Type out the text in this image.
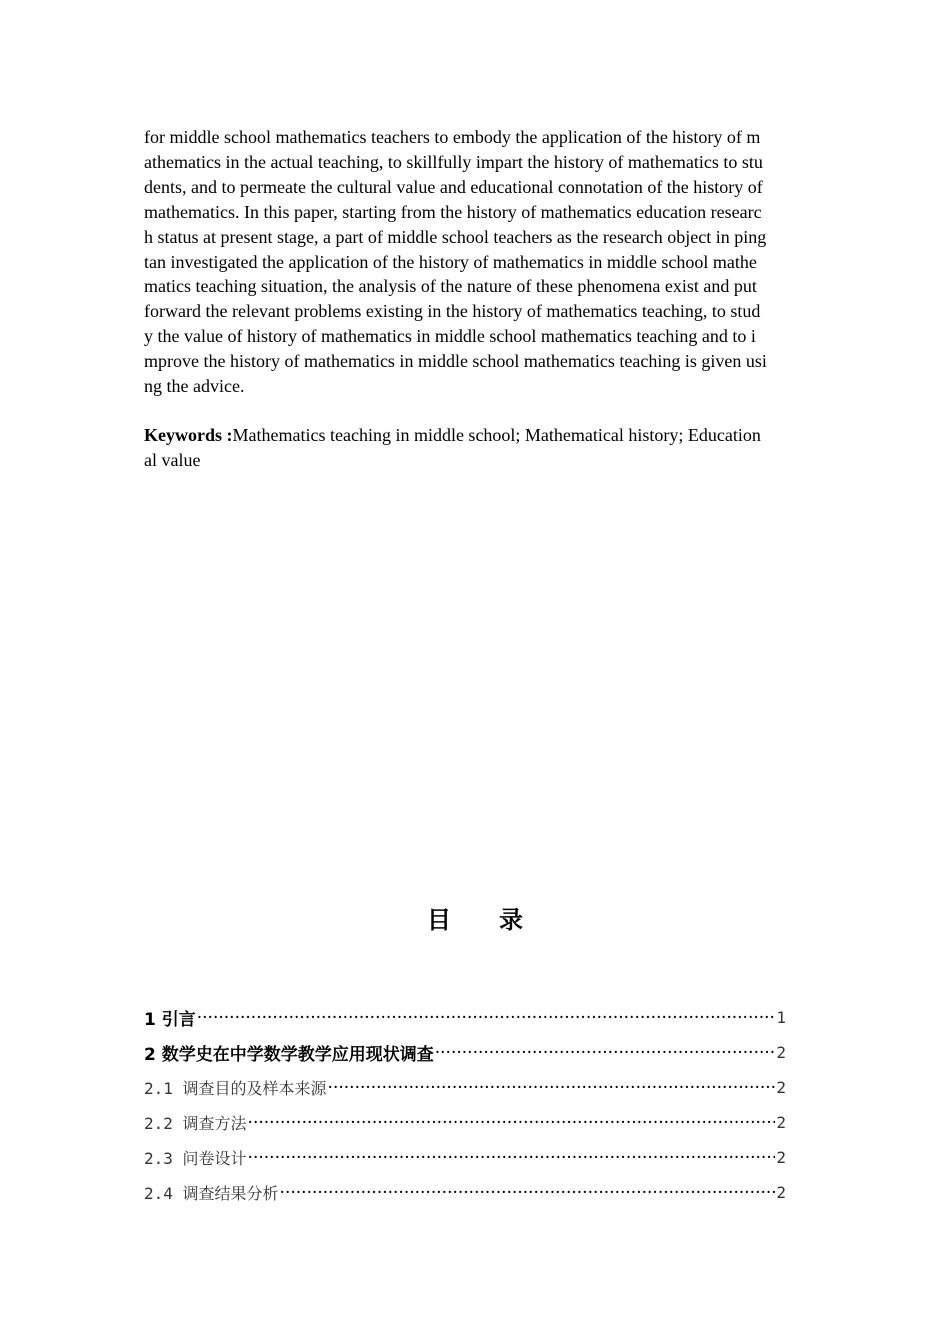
for middle school mathematics teachers to embody the application of the history of m
athematics in the actual teaching, to skillfully impart the history of mathematics to stu
dents, and to permeate the cultural value and educational connotation of the history of
mathematics. In this paper, starting from the history of mathematics education researc
h status at present stage, a part of middle school teachers as the research object in ping
tan investigated the application of the history of mathematics in middle school mathe
matics teaching situation, the analysis of the nature of these phenomena exist and put
forward the relevant problems existing in the history of mathematics teaching, to stud
y the value of history of mathematics in middle school mathematics teaching and to i
mprove the history of mathematics in middle school mathematics teaching is given usi
ng the advice.
Keywords :Mathematics teaching in middle school; Mathematical history; Education
al value
目 录
1 引言 ·····	1
2 数学史在中学数学教学应用现状调查 ·····	2
2.1 调查目的及样本来源 ·····	2
2.2 调查方法 ·····	2
2.3 问卷设计 ·····	2
2.4 调查结果分析 ·····	2
